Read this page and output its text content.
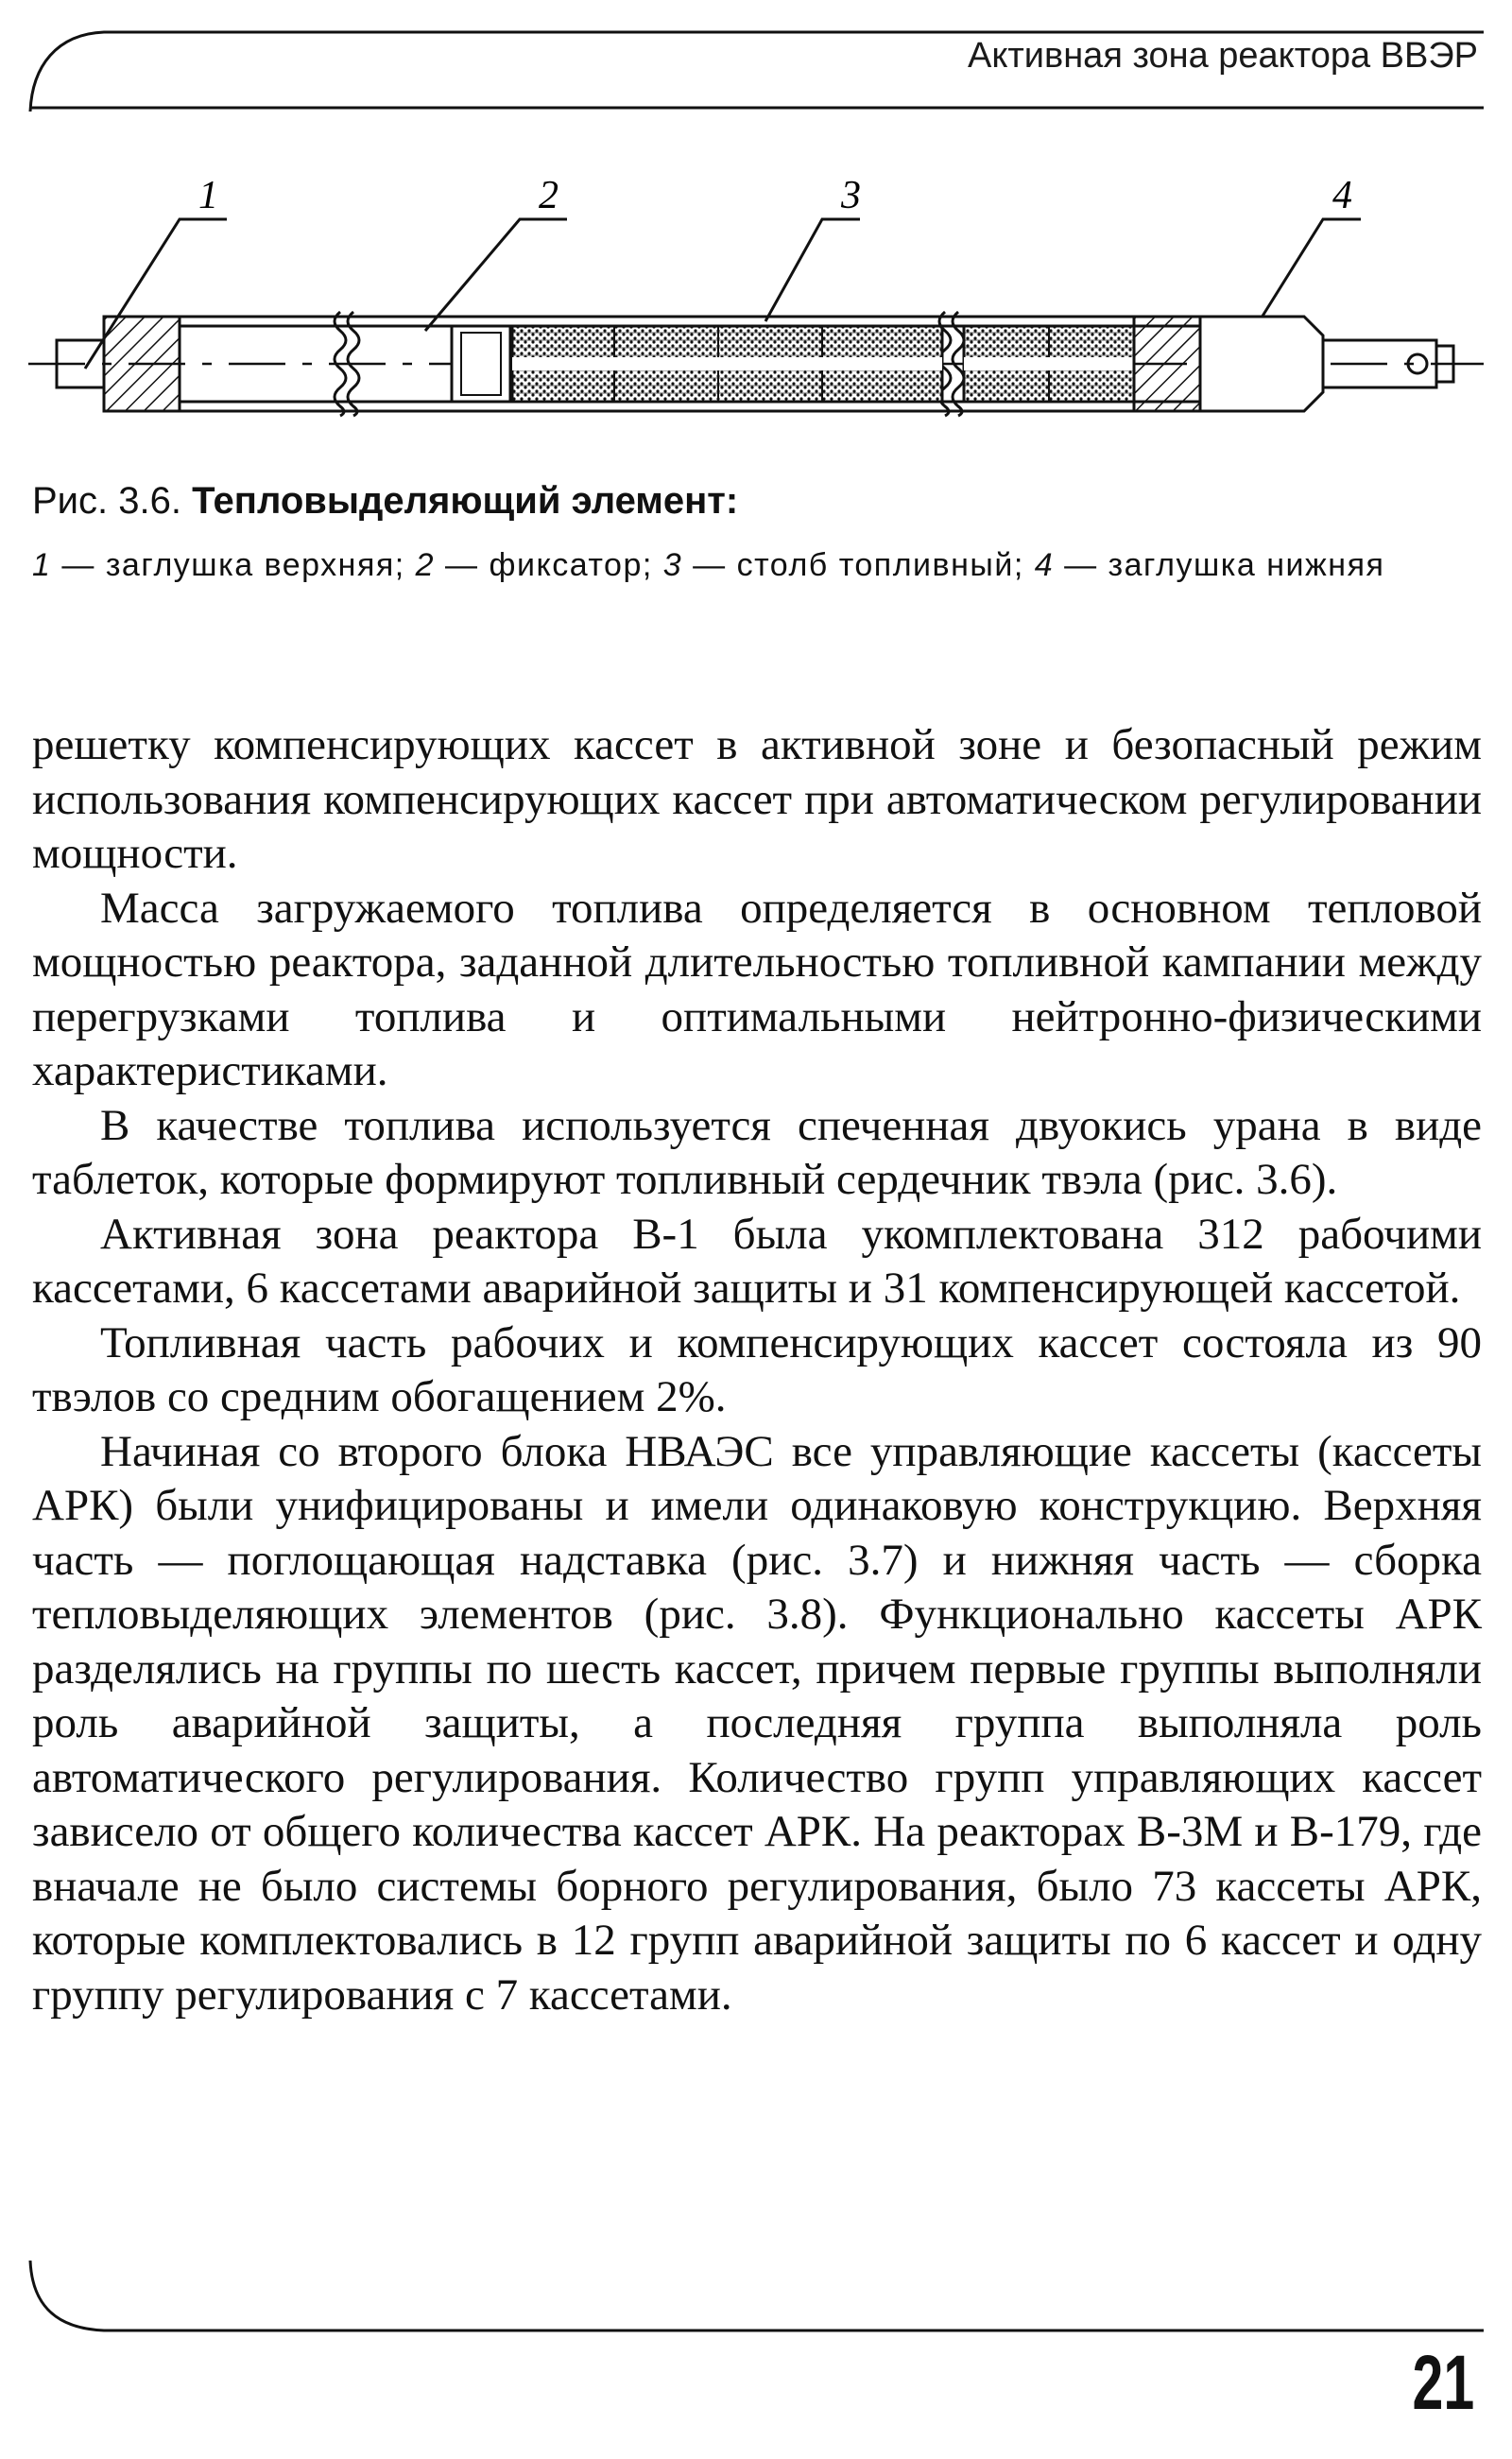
Активная зона реактора ВВЭР
1	2	3	4
Рис. 3.6. Тепловыделяющий элемент:
1 — заглушка верхняя; 2 — фиксатор; 3 — столб топливный; 4 — заглушка нижняя

решетку компенсирующих кассет в активной зоне и безопасный режим использования компенсирующих кассет при автоматическом регулировании мощности.

Масса загружаемого топлива определяется в основном тепловой мощностью реактора, заданной длительностью топливной кампании между перегрузками топлива и оптимальными нейтронно-физическими характеристиками.

В качестве топлива используется спеченная двуокись урана в виде таблеток, которые формируют топливный сердечник твэла (рис. 3.6).

Активная зона реактора В-1 была укомплектована 312 рабочими кассетами, 6 кассетами аварийной защиты и 31 компенсирующей кассетой.

Топливная часть рабочих и компенсирующих кассет состояла из 90 твэлов со средним обогащением 2%.

Начиная со второго блока НВАЭС все управляющие кассеты (кассеты АРК) были унифицированы и имели одинаковую конструкцию. Верхняя часть — поглощающая надставка (рис. 3.7) и нижняя часть — сборка тепловыделяющих элементов (рис. 3.8). Функционально кассеты АРК разделялись на группы по шесть кассет, причем первые группы выполняли роль аварийной защиты, а последняя группа выполняла роль автоматического регулирования. Количество групп управляющих кассет зависело от общего количества кассет АРК. На реакторах В-3М и В-179, где вначале не было системы борного регулирования, было 73 кассеты АРК, которые комплектовались в 12 групп аварийной защиты по 6 кассет и одну группу регулирования с 7 кассетами.

21
